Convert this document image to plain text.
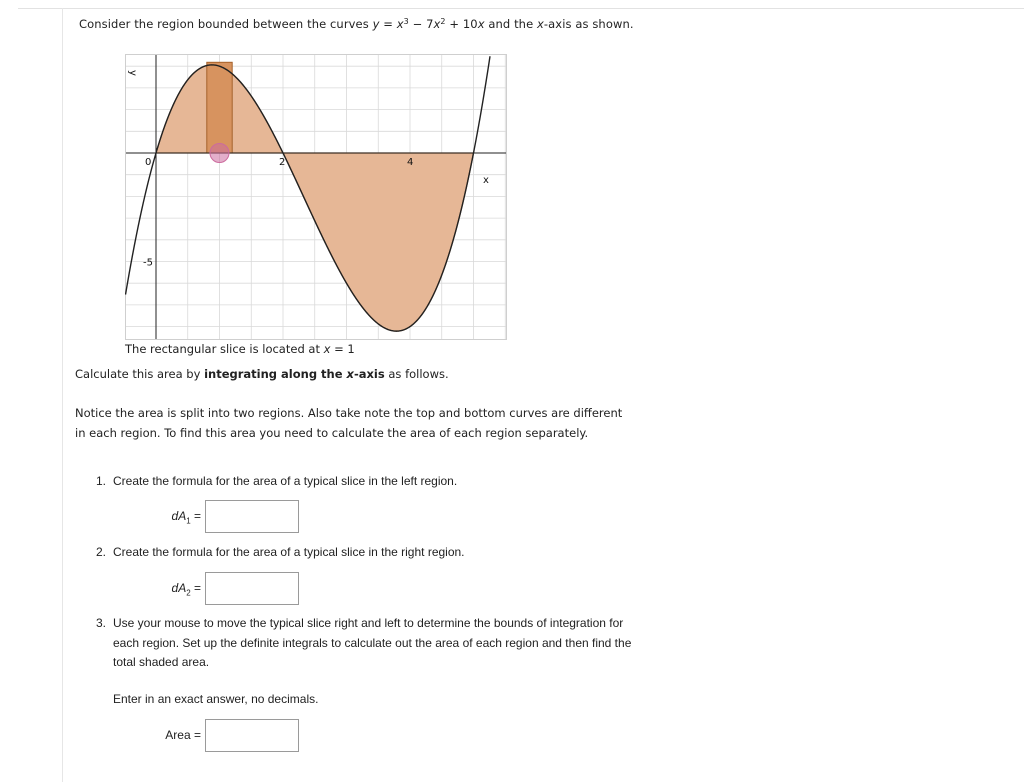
Consider the region bounded between the curves $y = x^3 - 7x^2 + 10x$ and the x-axis as shown.
y
x
0	2	4
-5
The rectangular slice is located at x = 1
Calculate this area by integrating along the x-axis as follows.
Notice the area is split into two regions. Also take note the top and bottom curves are different in each region. To find this area you need to calculate the area of each region separately.
1. Create the formula for the area of a typical slice in the left region.
$dA_1$ =
2. Create the formula for the area of a typical slice in the right region.
$dA_2$ =
3. Use your mouse to move the typical slice right and left to determine the bounds of integration for each region. Set up the definite integrals to calculate out the area of each region and then find the total shaded area.
Enter in an exact answer, no decimals.
Area =
